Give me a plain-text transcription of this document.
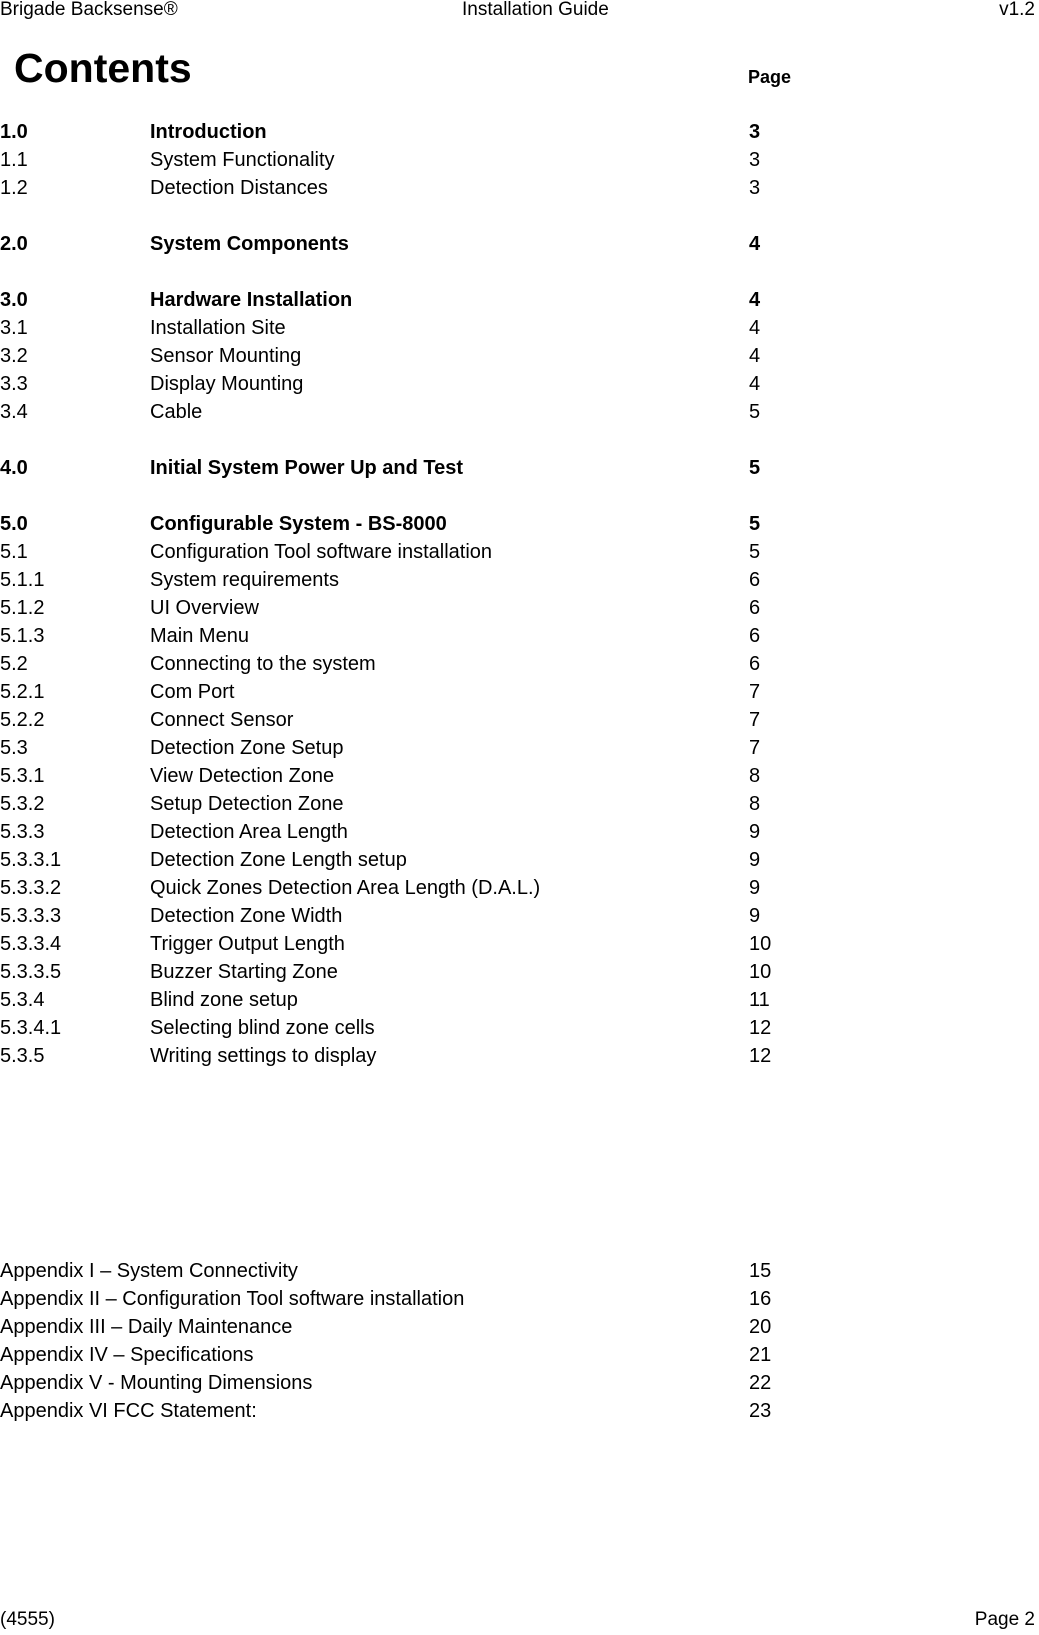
Brigade Backsense®	Installation Guide	v1.2
Contents	Page
1.0	Introduction	3
1.1	System Functionality	3
1.2	Detection Distances	3
2.0	System Components	4
3.0	Hardware Installation	4
3.1	Installation Site	4
3.2	Sensor Mounting	4
3.3	Display Mounting	4
3.4	Cable	5
4.0	Initial System Power Up and Test	5
5.0	Configurable System - BS-8000	5
5.1	Configuration Tool software installation	5
5.1.1	System requirements	6
5.1.2	UI Overview	6
5.1.3	Main Menu	6
5.2	Connecting to the system	6
5.2.1	Com Port	7
5.2.2	Connect Sensor	7
5.3	Detection Zone Setup	7
5.3.1	View Detection Zone	8
5.3.2	Setup Detection Zone	8
5.3.3	Detection Area Length	9
5.3.3.1	Detection Zone Length setup	9
5.3.3.2	Quick Zones Detection Area Length (D.A.L.)	9
5.3.3.3	Detection Zone Width	9
5.3.3.4	Trigger Output Length	10
5.3.3.5	Buzzer Starting Zone	10
5.3.4	Blind zone setup	11
5.3.4.1	Selecting blind zone cells	12
5.3.5	Writing settings to display	12
Appendix I – System Connectivity	15
Appendix II – Configuration Tool software installation	16
Appendix III – Daily Maintenance	20
Appendix IV – Specifications	21
Appendix V - Mounting Dimensions	22
Appendix VI FCC Statement:	23
(4555)	Page 2
